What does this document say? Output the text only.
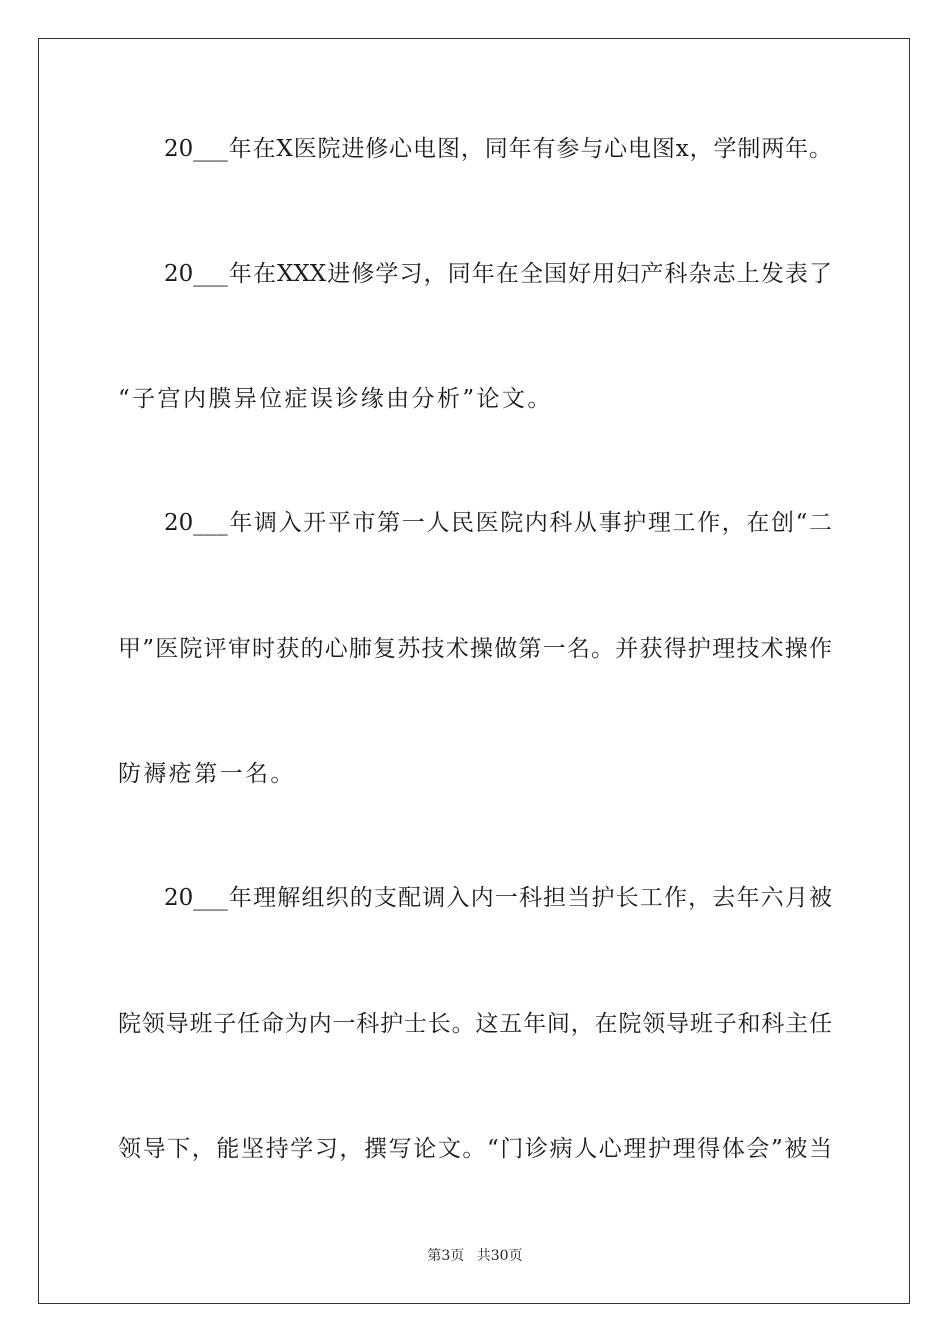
20___年在X医院进修心电图，同年有参与心电图x，学制两年。
20___年在XXX进修学习，同年在全国好用妇产科杂志上发表了
“子宫内膜异位症误诊缘由分析”论文。
20___年调入开平市第一人民医院内科从事护理工作，在创“二
甲”医院评审时获的心肺复苏技术操做第一名。并获得护理技术操作
防褥疮第一名。
20___年理解组织的支配调入内一科担当护长工作，去年六月被
院领导班子任命为内一科护士长。这五年间，在院领导班子和科主任
领导下，能坚持学习，撰写论文。“门诊病人心理护理得体会”被当
第3页 共30页
